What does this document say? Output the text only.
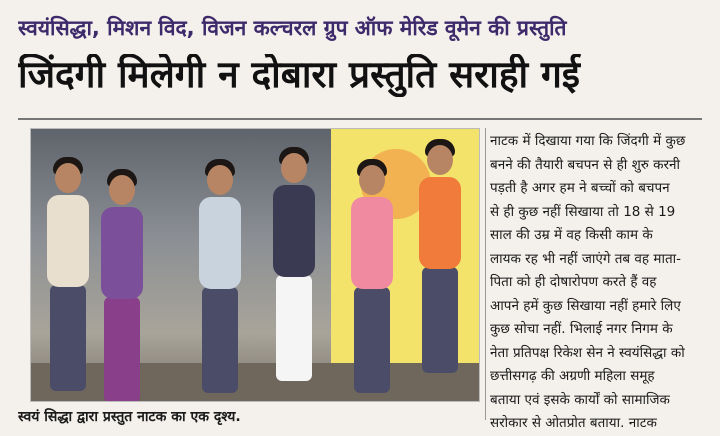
स्वयंसिद्धा, मिशन विद, विजन कल्चरल ग्रुप ऑफ मेरिड वूमेन की प्रस्तुति
जिंदगी मिलेगी न दोबारा प्रस्तुति सराही गई
स्वयं सिद्धा द्वारा प्रस्तुत नाटक का एक दृश्य.
नाटक में दिखाया गया कि जिंदगी में कुछ
बनने की तैयारी बचपन से ही शुरु करनी
पड़ती है अगर हम ने बच्चों को बचपन
से ही कुछ नहीं सिखाया तो 18 से 19
साल की उम्र में वह किसी काम के
लायक रह भी नहीं जाएंगे तब वह माता-
पिता को ही दोषारोपण करते हैं वह
आपने हमें कुछ सिखाया नहीं हमारे लिए
कुछ सोचा नहीं. भिलाई नगर निगम के
नेता प्रतिपक्ष रिकेश सेन ने स्वयंसिद्धा को
छत्तीसगढ़ की अग्रणी महिला समूह
बताया एवं इसके कार्यों को सामाजिक
सरोकार से ओतप्रोत बताया. नाटक
